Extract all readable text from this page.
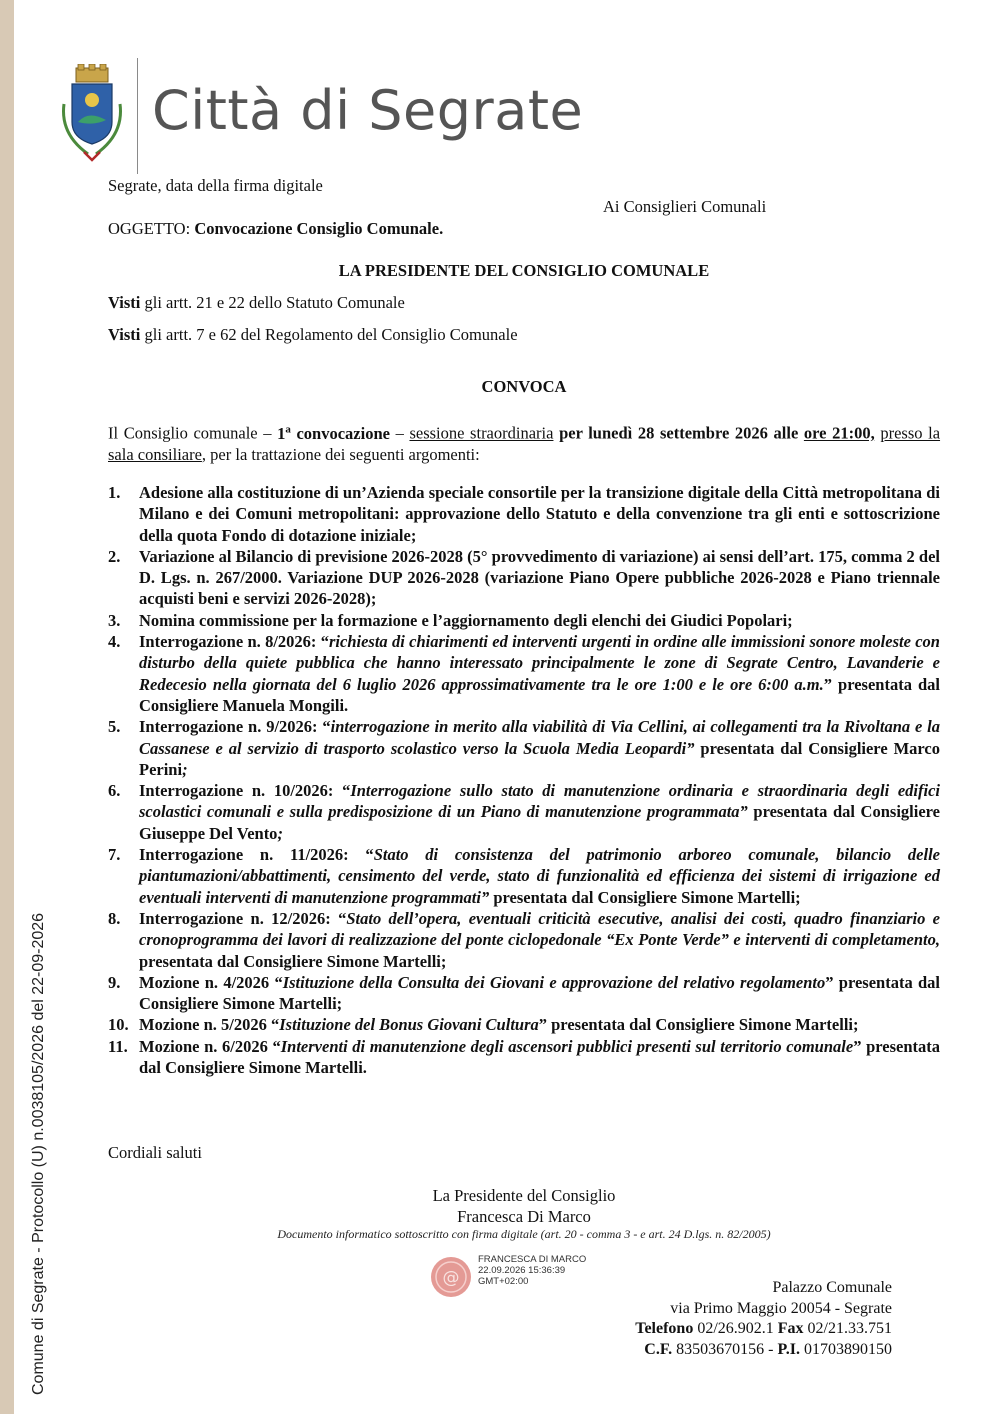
Comune di Segrate - Protocollo (U) n.0038105/2026 del 22-09-2026
Città di Segrate
Segrate, data della firma digitale
Ai Consiglieri Comunali
OGGETTO: Convocazione Consiglio Comunale.
LA PRESIDENTE DEL CONSIGLIO COMUNALE
Visti gli artt. 21 e 22 dello Statuto Comunale
Visti gli artt. 7 e 62 del Regolamento del Consiglio Comunale
CONVOCA
Il Consiglio comunale – 1$^a$ convocazione – sessione straordinaria per lunedì 28 settembre 2026 alle ore 21:00, presso la sala consiliare, per la trattazione dei seguenti argomenti:
1. Adesione alla costituzione di un’Azienda speciale consortile per la transizione digitale della Città metropolitana di Milano e dei Comuni metropolitani: approvazione dello Statuto e della convenzione tra gli enti e sottoscrizione della quota Fondo di dotazione iniziale;
2. Variazione al Bilancio di previsione 2026-2028 (5° provvedimento di variazione) ai sensi dell’art. 175, comma 2 del D. Lgs. n. 267/2000. Variazione DUP 2026-2028 (variazione Piano Opere pubbliche 2026-2028 e Piano triennale acquisti beni e servizi 2026-2028);
3. Nomina commissione per la formazione e l’aggiornamento degli elenchi dei Giudici Popolari;
4. Interrogazione n. 8/2026: “richiesta di chiarimenti ed interventi urgenti in ordine alle immissioni sonore moleste con disturbo della quiete pubblica che hanno interessato principalmente le zone di Segrate Centro, Lavanderie e Redecesio nella giornata del 6 luglio 2026 approssimativamente tra le ore 1:00 e le ore 6:00 a.m.” presentata dal Consigliere Manuela Mongili.
5. Interrogazione n. 9/2026: “interrogazione in merito alla viabilità di Via Cellini, ai collegamenti tra la Rivoltana e la Cassanese e al servizio di trasporto scolastico verso la Scuola Media Leopardi” presentata dal Consigliere Marco Perini;
6. Interrogazione n. 10/2026: “Interrogazione sullo stato di manutenzione ordinaria e straordinaria degli edifici scolastici comunali e sulla predisposizione di un Piano di manutenzione programmata” presentata dal Consigliere Giuseppe Del Vento;
7. Interrogazione n. 11/2026: “Stato di consistenza del patrimonio arboreo comunale, bilancio delle piantumazioni/abbattimenti, censimento del verde, stato di funzionalità ed efficienza dei sistemi di irrigazione ed eventuali interventi di manutenzione programmati” presentata dal Consigliere Simone Martelli;
8. Interrogazione n. 12/2026: “Stato dell’opera, eventuali criticità esecutive, analisi dei costi, quadro finanziario e cronoprogramma dei lavori di realizzazione del ponte ciclopedonale “Ex Ponte Verde” e interventi di completamento, presentata dal Consigliere Simone Martelli;
9. Mozione n. 4/2026 “Istituzione della Consulta dei Giovani e approvazione del relativo regolamento” presentata dal Consigliere Simone Martelli;
10. Mozione n. 5/2026 “Istituzione del Bonus Giovani Cultura” presentata dal Consigliere Simone Martelli;
11. Mozione n. 6/2026 “Interventi di manutenzione degli ascensori pubblici presenti sul territorio comunale” presentata dal Consigliere Simone Martelli.
Cordiali saluti
La Presidente del Consiglio
Francesca Di Marco
Documento informatico sottoscritto con firma digitale (art. 20 - comma 3 - e art. 24 D.lgs. n. 82/2005)
@
FRANCESCA DI MARCO
22.09.2026 15:36:39
GMT+02:00	Palazzo Comunale
via Primo Maggio 20054 - Segrate
Telefono 02/26.902.1 Fax 02/21.33.751
C.F. 83503670156 - P.I. 01703890150
